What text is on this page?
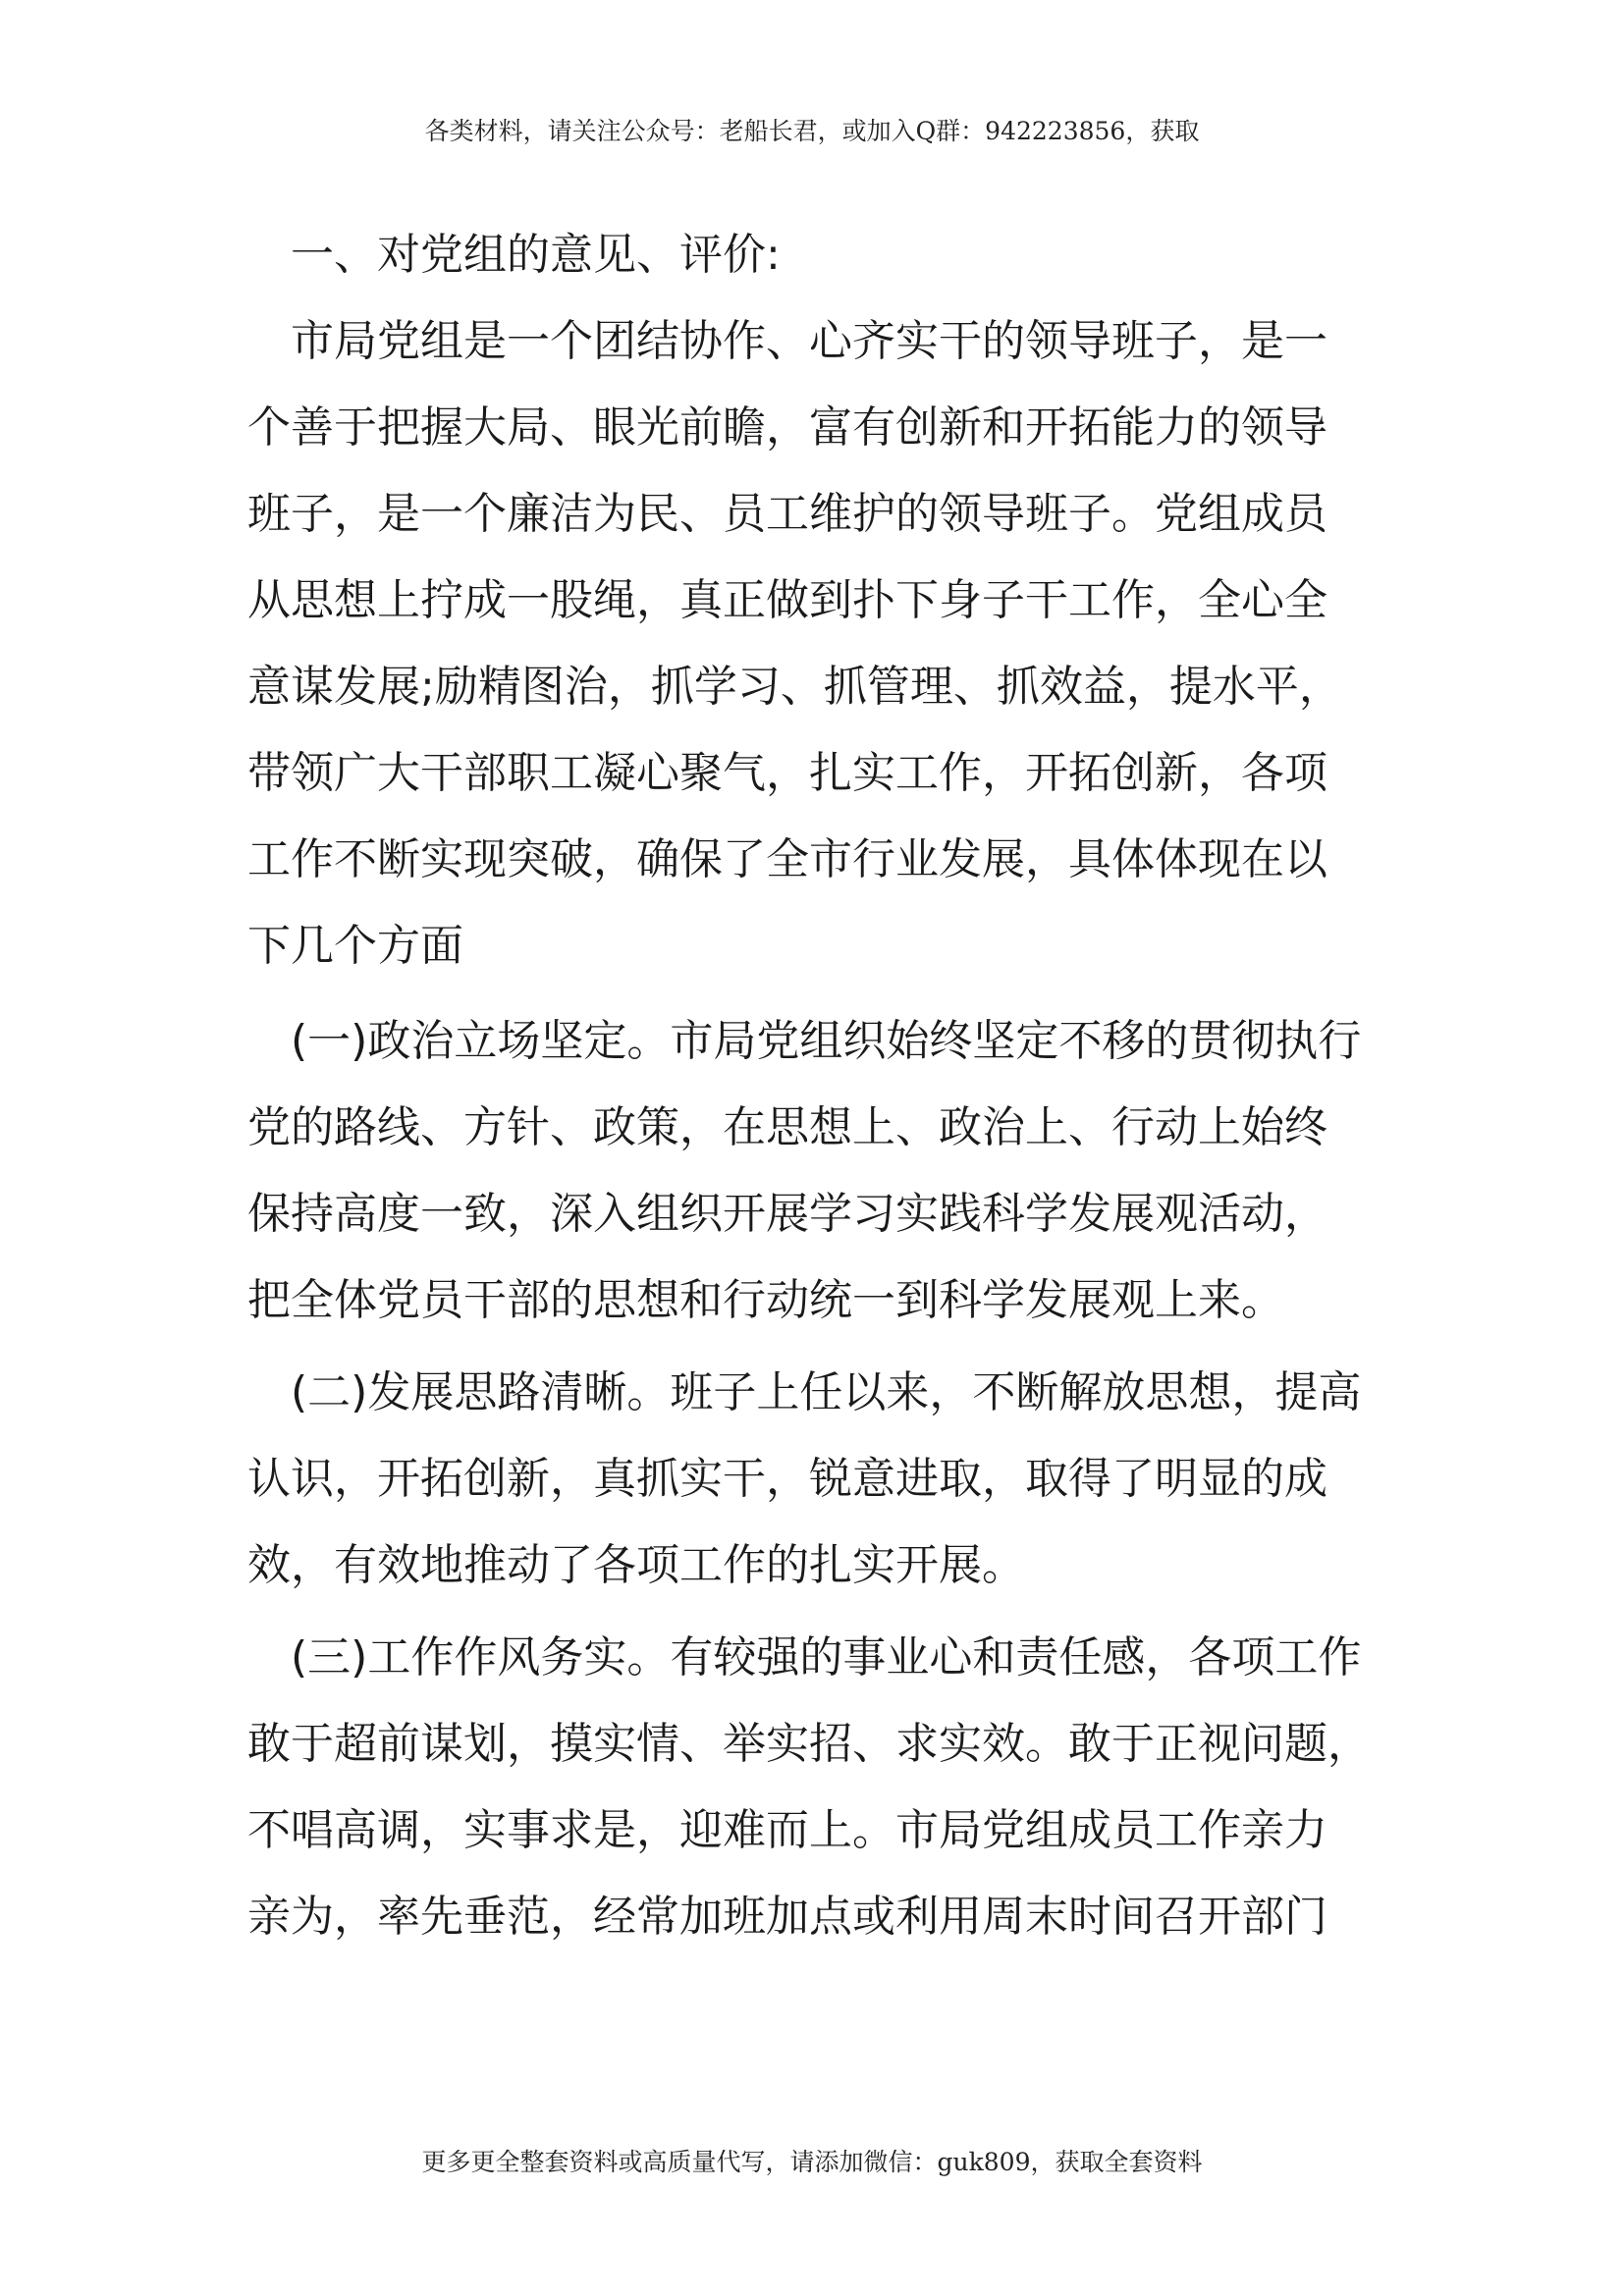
各类材料，请关注公众号：老船长君，或加入Q群：942223856，获取
一、对党组的意见、评价:
市局党组是一个团结协作、心齐实干的领导班子，是一
个善于把握大局、眼光前瞻，富有创新和开拓能力的领导
班子，是一个廉洁为民、员工维护的领导班子。党组成员
从思想上拧成一股绳，真正做到扑下身子干工作，全心全
意谋发展;励精图治，抓学习、抓管理、抓效益，提水平，
带领广大干部职工凝心聚气，扎实工作，开拓创新，各项
工作不断实现突破，确保了全市行业发展，具体体现在以
下几个方面
(一)政治立场坚定。市局党组织始终坚定不移的贯彻执行
党的路线、方针、政策，在思想上、政治上、行动上始终
保持高度一致，深入组织开展学习实践科学发展观活动，
把全体党员干部的思想和行动统一到科学发展观上来。
(二)发展思路清晰。班子上任以来，不断解放思想，提高
认识，开拓创新，真抓实干，锐意进取，取得了明显的成
效，有效地推动了各项工作的扎实开展。
(三)工作作风务实。有较强的事业心和责任感，各项工作
敢于超前谋划，摸实情、举实招、求实效。敢于正视问题，
不唱高调，实事求是，迎难而上。市局党组成员工作亲力
亲为，率先垂范，经常加班加点或利用周末时间召开部门
更多更全整套资料或高质量代写，请添加微信：guk809，获取全套资料
